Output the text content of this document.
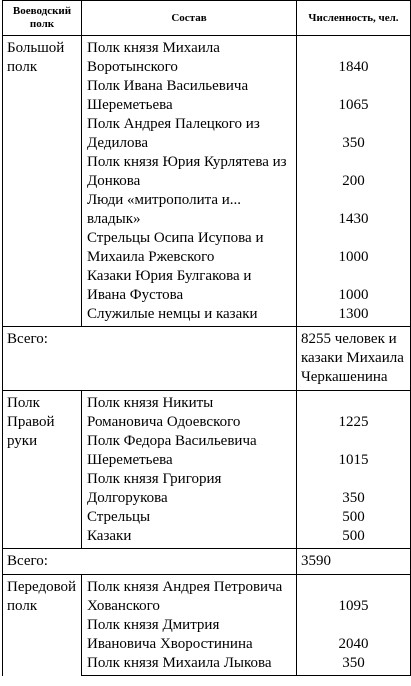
Воеводский полк	Состав	Численность, чел.
Большой полк	Полк князя Михаила Воротынского	1840
	Полк Ивана Васильевича Шереметьева	1065
	Полк Андрея Палецкого из Дедилова	350
	Полк князя Юрия Курлятева из Донкова	200
	Люди «митрополита и... владык»	1430
	Стрельцы Осипа Исупова и Михаила Ржевского	1000
	Казаки Юрия Булгакова и Ивана Фустова	1000
	Служилые немцы и казаки	1300
Всего:		8255 человек и казаки Михаила Черкашенина
Полк Правой руки	Полк князя Никиты Романовича Одоевского	1225
	Полк Федора Васильевича Шереметьева	1015
	Полк князя Григория Долгорукова	350
	Стрельцы	500
	Казаки	500
Всего:		3590
Передовой полк	Полк князя Андрея Петровича Хованского	1095
	Полк князя Дмитрия Ивановича Хворостинина	2040
	Полк князя Михаила Лыкова	350
